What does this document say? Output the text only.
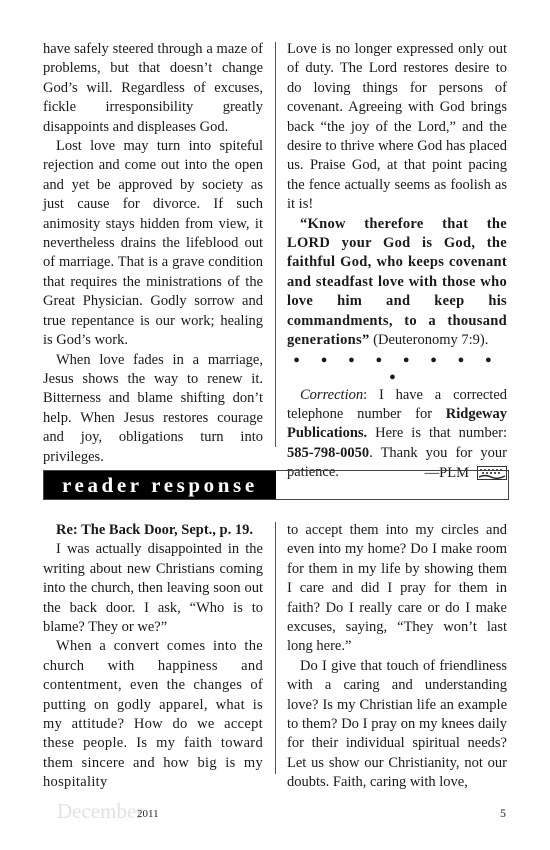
have safely steered through a maze of problems, but that doesn’t change God’s will. Regardless of excuses, fickle irresponsibility greatly disappoints and displeases God.

Lost love may turn into spiteful rejection and come out into the open and yet be approved by society as just cause for divorce. If such animosity stays hidden from view, it nevertheless drains the lifeblood out of marriage. That is a grave condition that requires the ministrations of the Great Physician. Godly sorrow and true repentance is our work; healing is God’s work.

When love fades in a marriage, Jesus shows the way to renew it. Bitterness and blame shifting don’t help. When Jesus restores courage and joy, obligations turn into privileges.

Love is no longer expressed only out of duty. The Lord restores desire to do loving things for persons of covenant. Agreeing with God brings back “the joy of the Lord,” and the desire to thrive where God has placed us. Praise God, at that point pacing the fence actually seems as foolish as it is!

“Know therefore that the LORD your God is God, the faithful God, who keeps covenant and steadfast love with those who love him and keep his commandments, to a thousand generations” (Deuteronomy 7:9).

● ● ● ● ● ● ● ● ●

Correction: I have a corrected telephone number for Ridgeway Publications. Here is that number: 585-798-0050. Thank you for your patience.	—PLM
reader response

Re: The Back Door, Sept., p. 19.

I was actually disappointed in the writing about new Christians coming into the church, then leaving soon out the back door. I ask, “Who is to blame? They or we?”

When a convert comes into the church with happiness and contentment, even the changes of putting on godly apparel, what is my attitude? How do we accept these people. Is my faith toward them sincere and how big is my hospitality

to accept them into my circles and even into my home? Do I make room for them in my life by showing them I care and did I pray for them in faith? Do I really care or do I make excuses, saying, “They won’t last long here.”

Do I give that touch of friendliness with a caring and understanding love? Is my Christian life an example to them? Do I pray on my knees daily for their individual spiritual needs? Let us show our Christianity, not our doubts. Faith, caring with love,

December
2011	5
